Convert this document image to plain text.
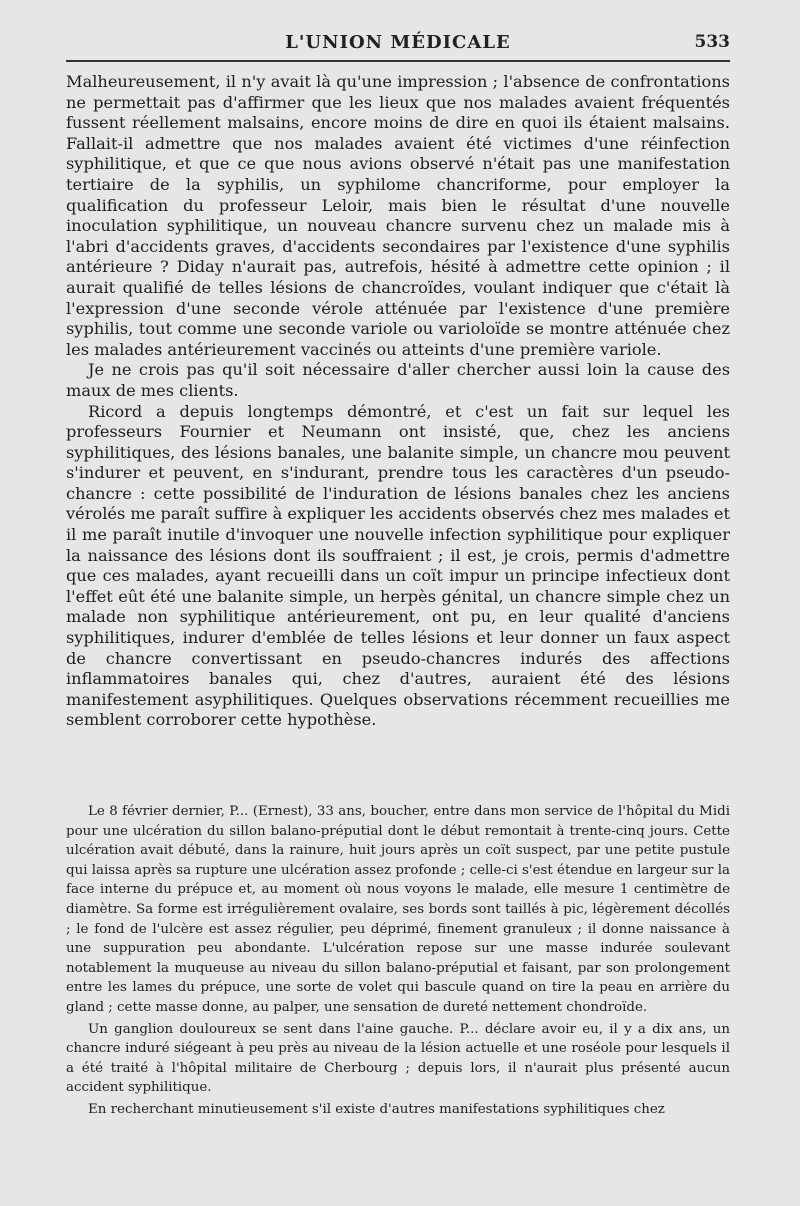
L'UNION MÉDICALE	533

Malheureusement, il n'y avait là qu'une impression ; l'absence de confrontations ne permettait pas d'affirmer que les lieux que nos malades avaient fréquentés fussent réellement malsains, encore moins de dire en quoi ils étaient malsains. Fallait-il admettre que nos malades avaient été victimes d'une réinfection syphilitique, et que ce que nous avions observé n'était pas une manifestation tertiaire de la syphilis, un syphilome chancriforme, pour employer la qualification du professeur Leloir, mais bien le résultat d'une nouvelle inoculation syphilitique, un nouveau chancre survenu chez un malade mis à l'abri d'accidents graves, d'accidents secondaires par l'existence d'une syphilis antérieure ? Diday n'aurait pas, autrefois, hésité à admettre cette opinion ; il aurait qualifié de telles lésions de chancroïdes, voulant indiquer que c'était là l'expression d'une seconde vérole atténuée par l'existence d'une première syphilis, tout comme une seconde variole ou varioloïde se montre atténuée chez les malades antérieurement vaccinés ou atteints d'une première variole.

Je ne crois pas qu'il soit nécessaire d'aller chercher aussi loin la cause des maux de mes clients.

Ricord a depuis longtemps démontré, et c'est un fait sur lequel les professeurs Fournier et Neumann ont insisté, que, chez les anciens syphilitiques, des lésions banales, une balanite simple, un chancre mou peuvent s'indurer et peuvent, en s'indurant, prendre tous les caractères d'un pseudo-chancre : cette possibilité de l'induration de lésions banales chez les anciens vérolés me paraît suffire à expliquer les accidents observés chez mes malades et il me paraît inutile d'invoquer une nouvelle infection syphilitique pour expliquer la naissance des lésions dont ils souffraient ; il est, je crois, permis d'admettre que ces malades, ayant recueilli dans un coït impur un principe infectieux dont l'effet eût été une balanite simple, un herpès génital, un chancre simple chez un malade non syphilitique antérieurement, ont pu, en leur qualité d'anciens syphilitiques, indurer d'emblée de telles lésions et leur donner un faux aspect de chancre convertissant en pseudo-chancres indurés des affections inflammatoires banales qui, chez d'autres, auraient été des lésions manifestement asyphilitiques. Quelques observations récemment recueillies me semblent corroborer cette hypothèse.

Le 8 février dernier, P... (Ernest), 33 ans, boucher, entre dans mon service de l'hôpital du Midi pour une ulcération du sillon balano-préputial dont le début remontait à trente-cinq jours. Cette ulcération avait débuté, dans la rainure, huit jours après un coït suspect, par une petite pustule qui laissa après sa rupture une ulcération assez profonde ; celle-ci s'est étendue en largeur sur la face interne du prépuce et, au moment où nous voyons le malade, elle mesure 1 centimètre de diamètre. Sa forme est irrégulièrement ovalaire, ses bords sont taillés à pic, légèrement décollés ; le fond de l'ulcère est assez régulier, peu déprimé, finement granuleux ; il donne naissance à une suppuration peu abondante. L'ulcération repose sur une masse indurée soulevant notablement la muqueuse au niveau du sillon balano-préputial et faisant, par son prolongement entre les lames du prépuce, une sorte de volet qui bascule quand on tire la peau en arrière du gland ; cette masse donne, au palper, une sensation de dureté nettement chondroïde.

Un ganglion douloureux se sent dans l'aine gauche. P... déclare avoir eu, il y a dix ans, un chancre induré siégeant à peu près au niveau de la lésion actuelle et une roséole pour lesquels il a été traité à l'hôpital militaire de Cherbourg ; depuis lors, il n'aurait plus présenté aucun accident syphilitique.

En recherchant minutieusement s'il existe d'autres manifestations syphilitiques chez
